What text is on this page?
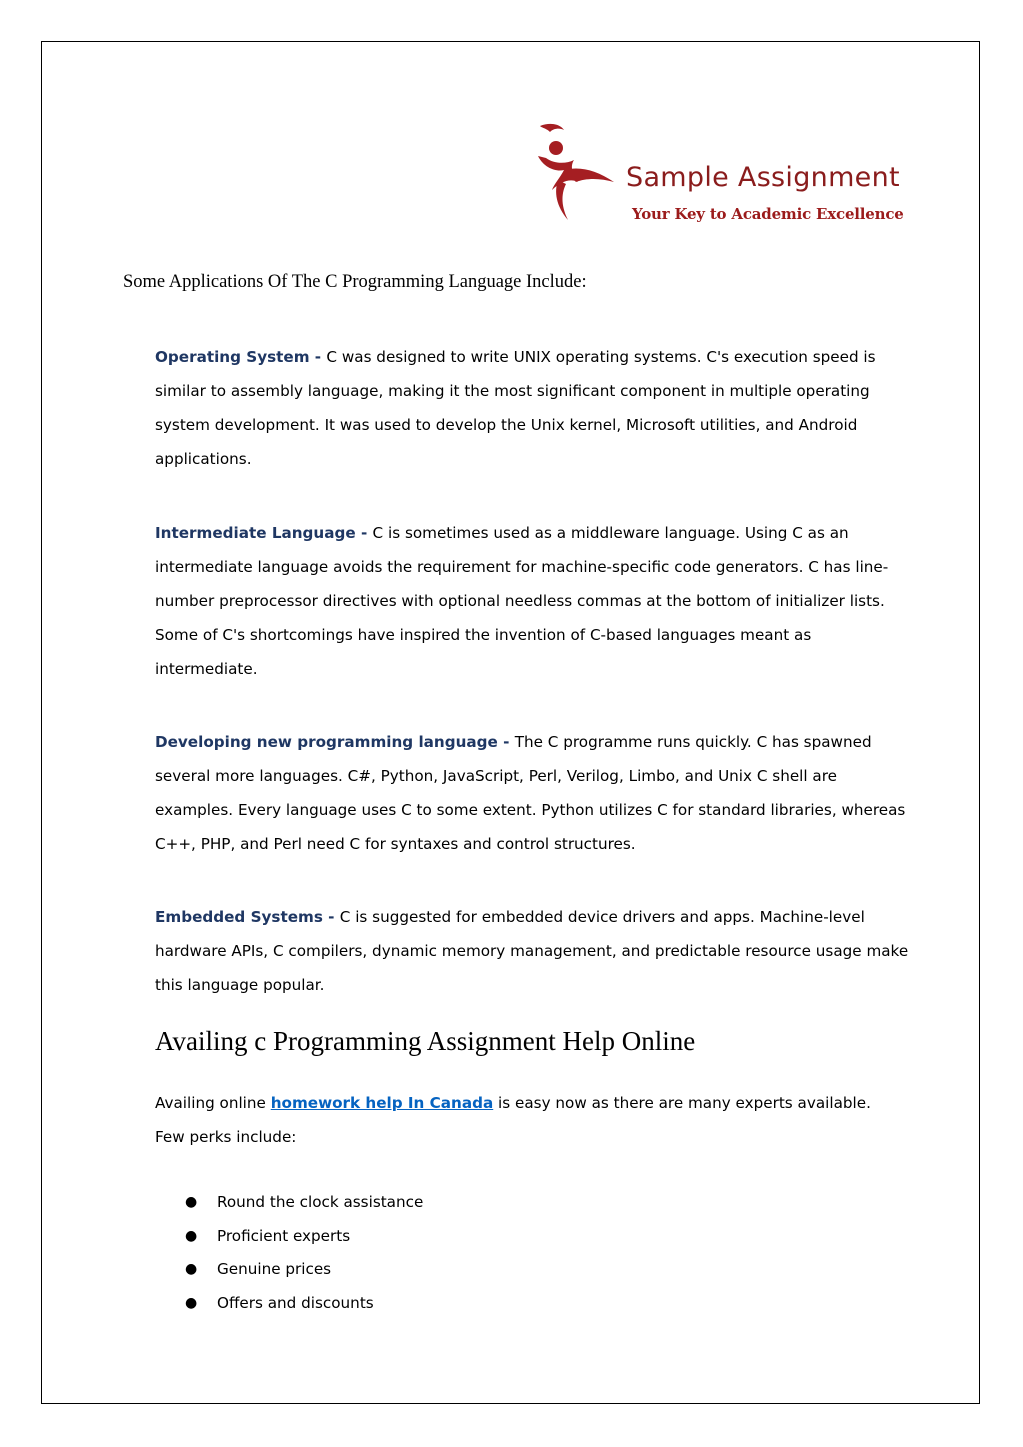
Sample Assignment
Your Key to Academic Excellence
Some Applications Of The C Programming Language Include:
Operating System - C was designed to write UNIX operating systems. C's execution speed is similar to assembly language, making it the most significant component in multiple operating system development. It was used to develop the Unix kernel, Microsoft utilities, and Android applications.
Intermediate Language - C is sometimes used as a middleware language. Using C as an intermediate language avoids the requirement for machine-specific code generators. C has line-number preprocessor directives with optional needless commas at the bottom of initializer lists. Some of C's shortcomings have inspired the invention of C-based languages meant as intermediate.
Developing new programming language - The C programme runs quickly. C has spawned several more languages. C#, Python, JavaScript, Perl, Verilog, Limbo, and Unix C shell are examples. Every language uses C to some extent. Python utilizes C for standard libraries, whereas C++, PHP, and Perl need C for syntaxes and control structures.
Embedded Systems - C is suggested for embedded device drivers and apps. Machine-level hardware APIs, C compilers, dynamic memory management, and predictable resource usage make this language popular.
Availing c Programming Assignment Help Online
Availing online homework help In Canada is easy now as there are many experts available. Few perks include:
● Round the clock assistance
● Proficient experts
● Genuine prices
● Offers and discounts
